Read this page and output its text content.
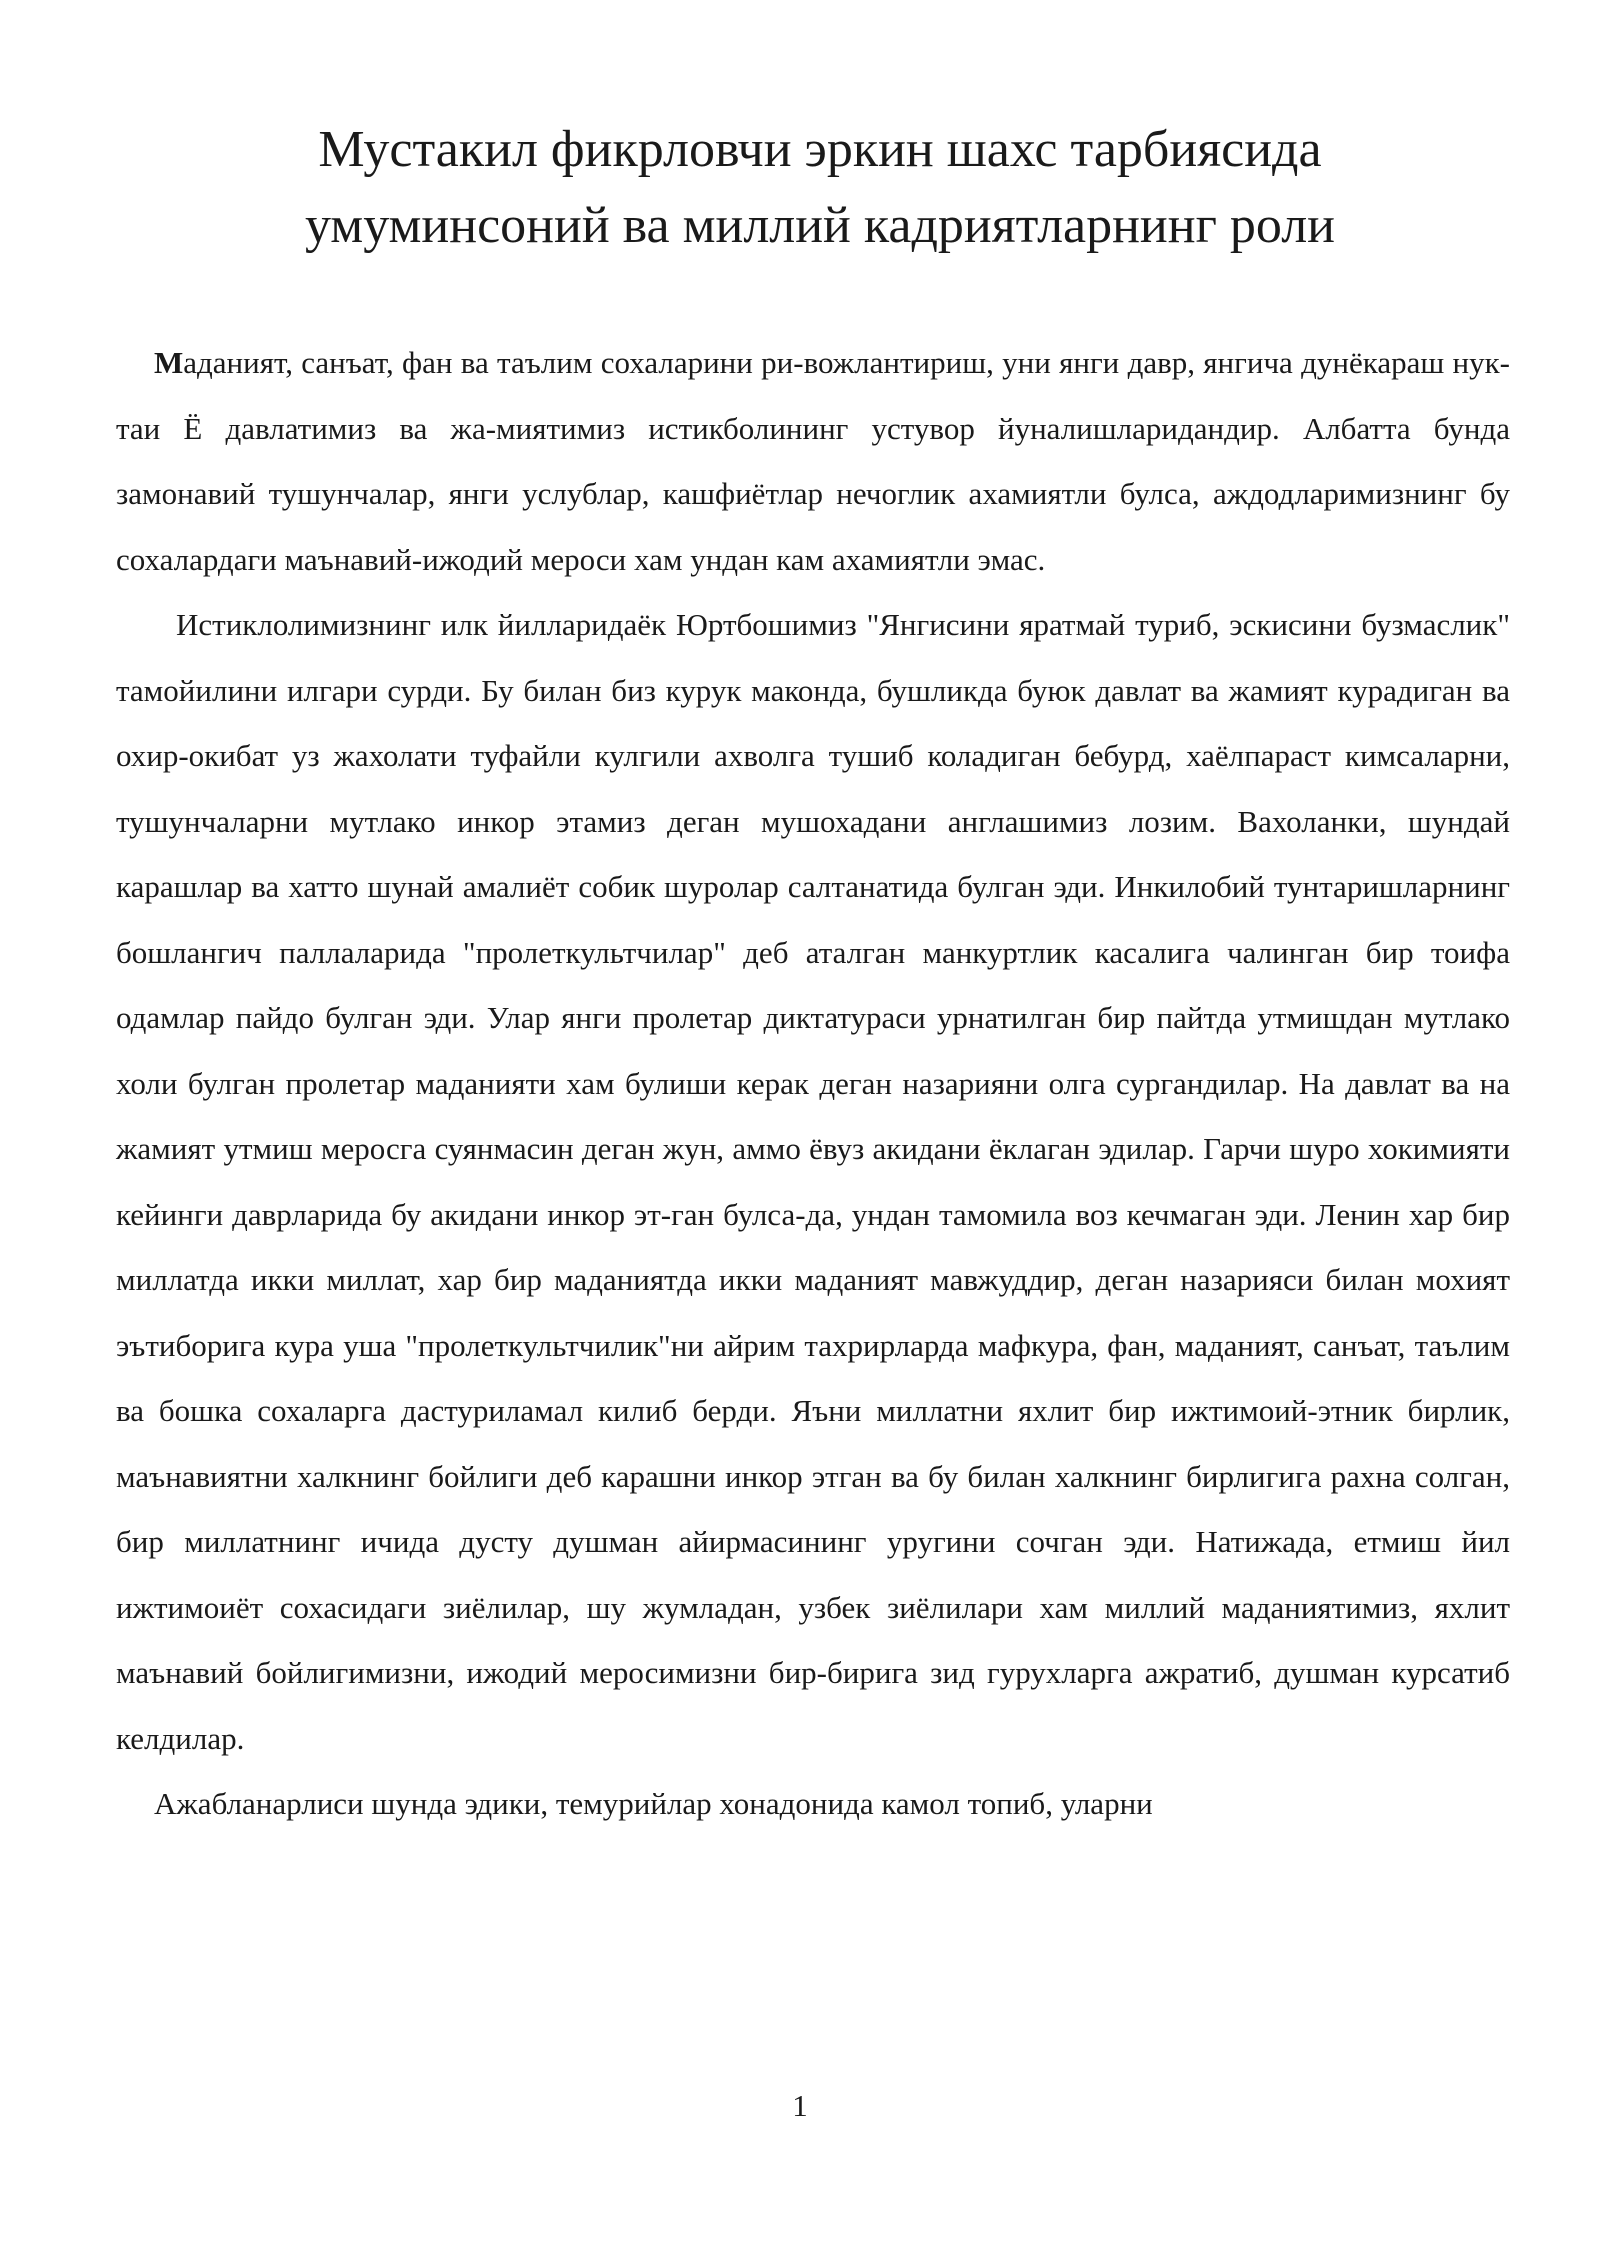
Мустакил фикрловчи эркин шахс тарбиясида
умуминсоний ва миллий кадриятларнинг роли

Маданият, санъат, фан ва таълим сохаларини ри-вожлантириш, уни янги давр, янгича дунёкараш нук-таи Ё давлатимиз ва жа-миятимиз истикболининг устувор йуналишларидандир. Албатта бунда замонавий тушунчалар, янги услублар, кашфиётлар нечоглик ахамиятли булса, аждодларимизнинг бу сохалардаги маънавий-ижодий мероси хам ундан кам ахамиятли эмас.

Истиклолимизнинг илк йилларидаёк Юртбошимиз "Янгисини яратмай туриб, эскисини бузмаслик" тамойилини илгари сурди. Бу билан биз курук маконда, бушликда буюк давлат ва жамият курадиган ва охир-окибат уз жахолати туфайли кулгили ахволга тушиб коладиган бебурд, хаёлпараст кимсаларни, тушунчаларни мутлако инкор этамиз деган мушохадани англашимиз лозим. Вахоланки, шундай карашлар ва хатто шунай амалиёт собик шуролар салтанатида булган эди. Инкилобий тунтаришларнинг бошлангич паллаларида "пролеткультчилар" деб аталган манкуртлик касалига чалинган бир тоифа одамлар пайдо булган эди. Улар янги пролетар диктатураси урнатилган бир пайтда утмишдан мутлако холи булган пролетар маданияти хам булиши керак деган назарияни олга сургандилар. На давлат ва на жамият утмиш меросга суянмасин деган жун, аммо ёвуз акидани ёклаган эдилар. Гарчи шуро хокимияти кейинги даврларида бу акидани инкор эт-ган булса-да, ундан тамомила воз кечмаган эди. Ленин хар бир миллатда икки миллат, хар бир маданиятда икки маданият мавжуддир, деган назарияси билан мохият эътиборига кура уша "пролеткультчилик"ни айрим тахрирларда мафкура, фан, маданият, санъат, таълим ва бошка сохаларга дастуриламал килиб берди. Яъни миллатни яхлит бир ижтимоий-этник бирлик, маънавиятни халкнинг бойлиги деб карашни инкор этган ва бу билан халкнинг бирлигига рахна солган, бир миллатнинг ичида дусту душман айирмасининг уругини сочган эди. Натижада, етмиш йил ижтимоиёт сохасидаги зиёлилар, шу жумладан, узбек зиёлилари хам миллий маданиятимиз, яхлит маънавий бойлигимизни, ижодий меросимизни бир-бирига зид гурухларга ажратиб, душман курсатиб келдилар.

Ажабланарлиси шунда эдики, темурийлар хонадонида камол топиб, уларни

1
